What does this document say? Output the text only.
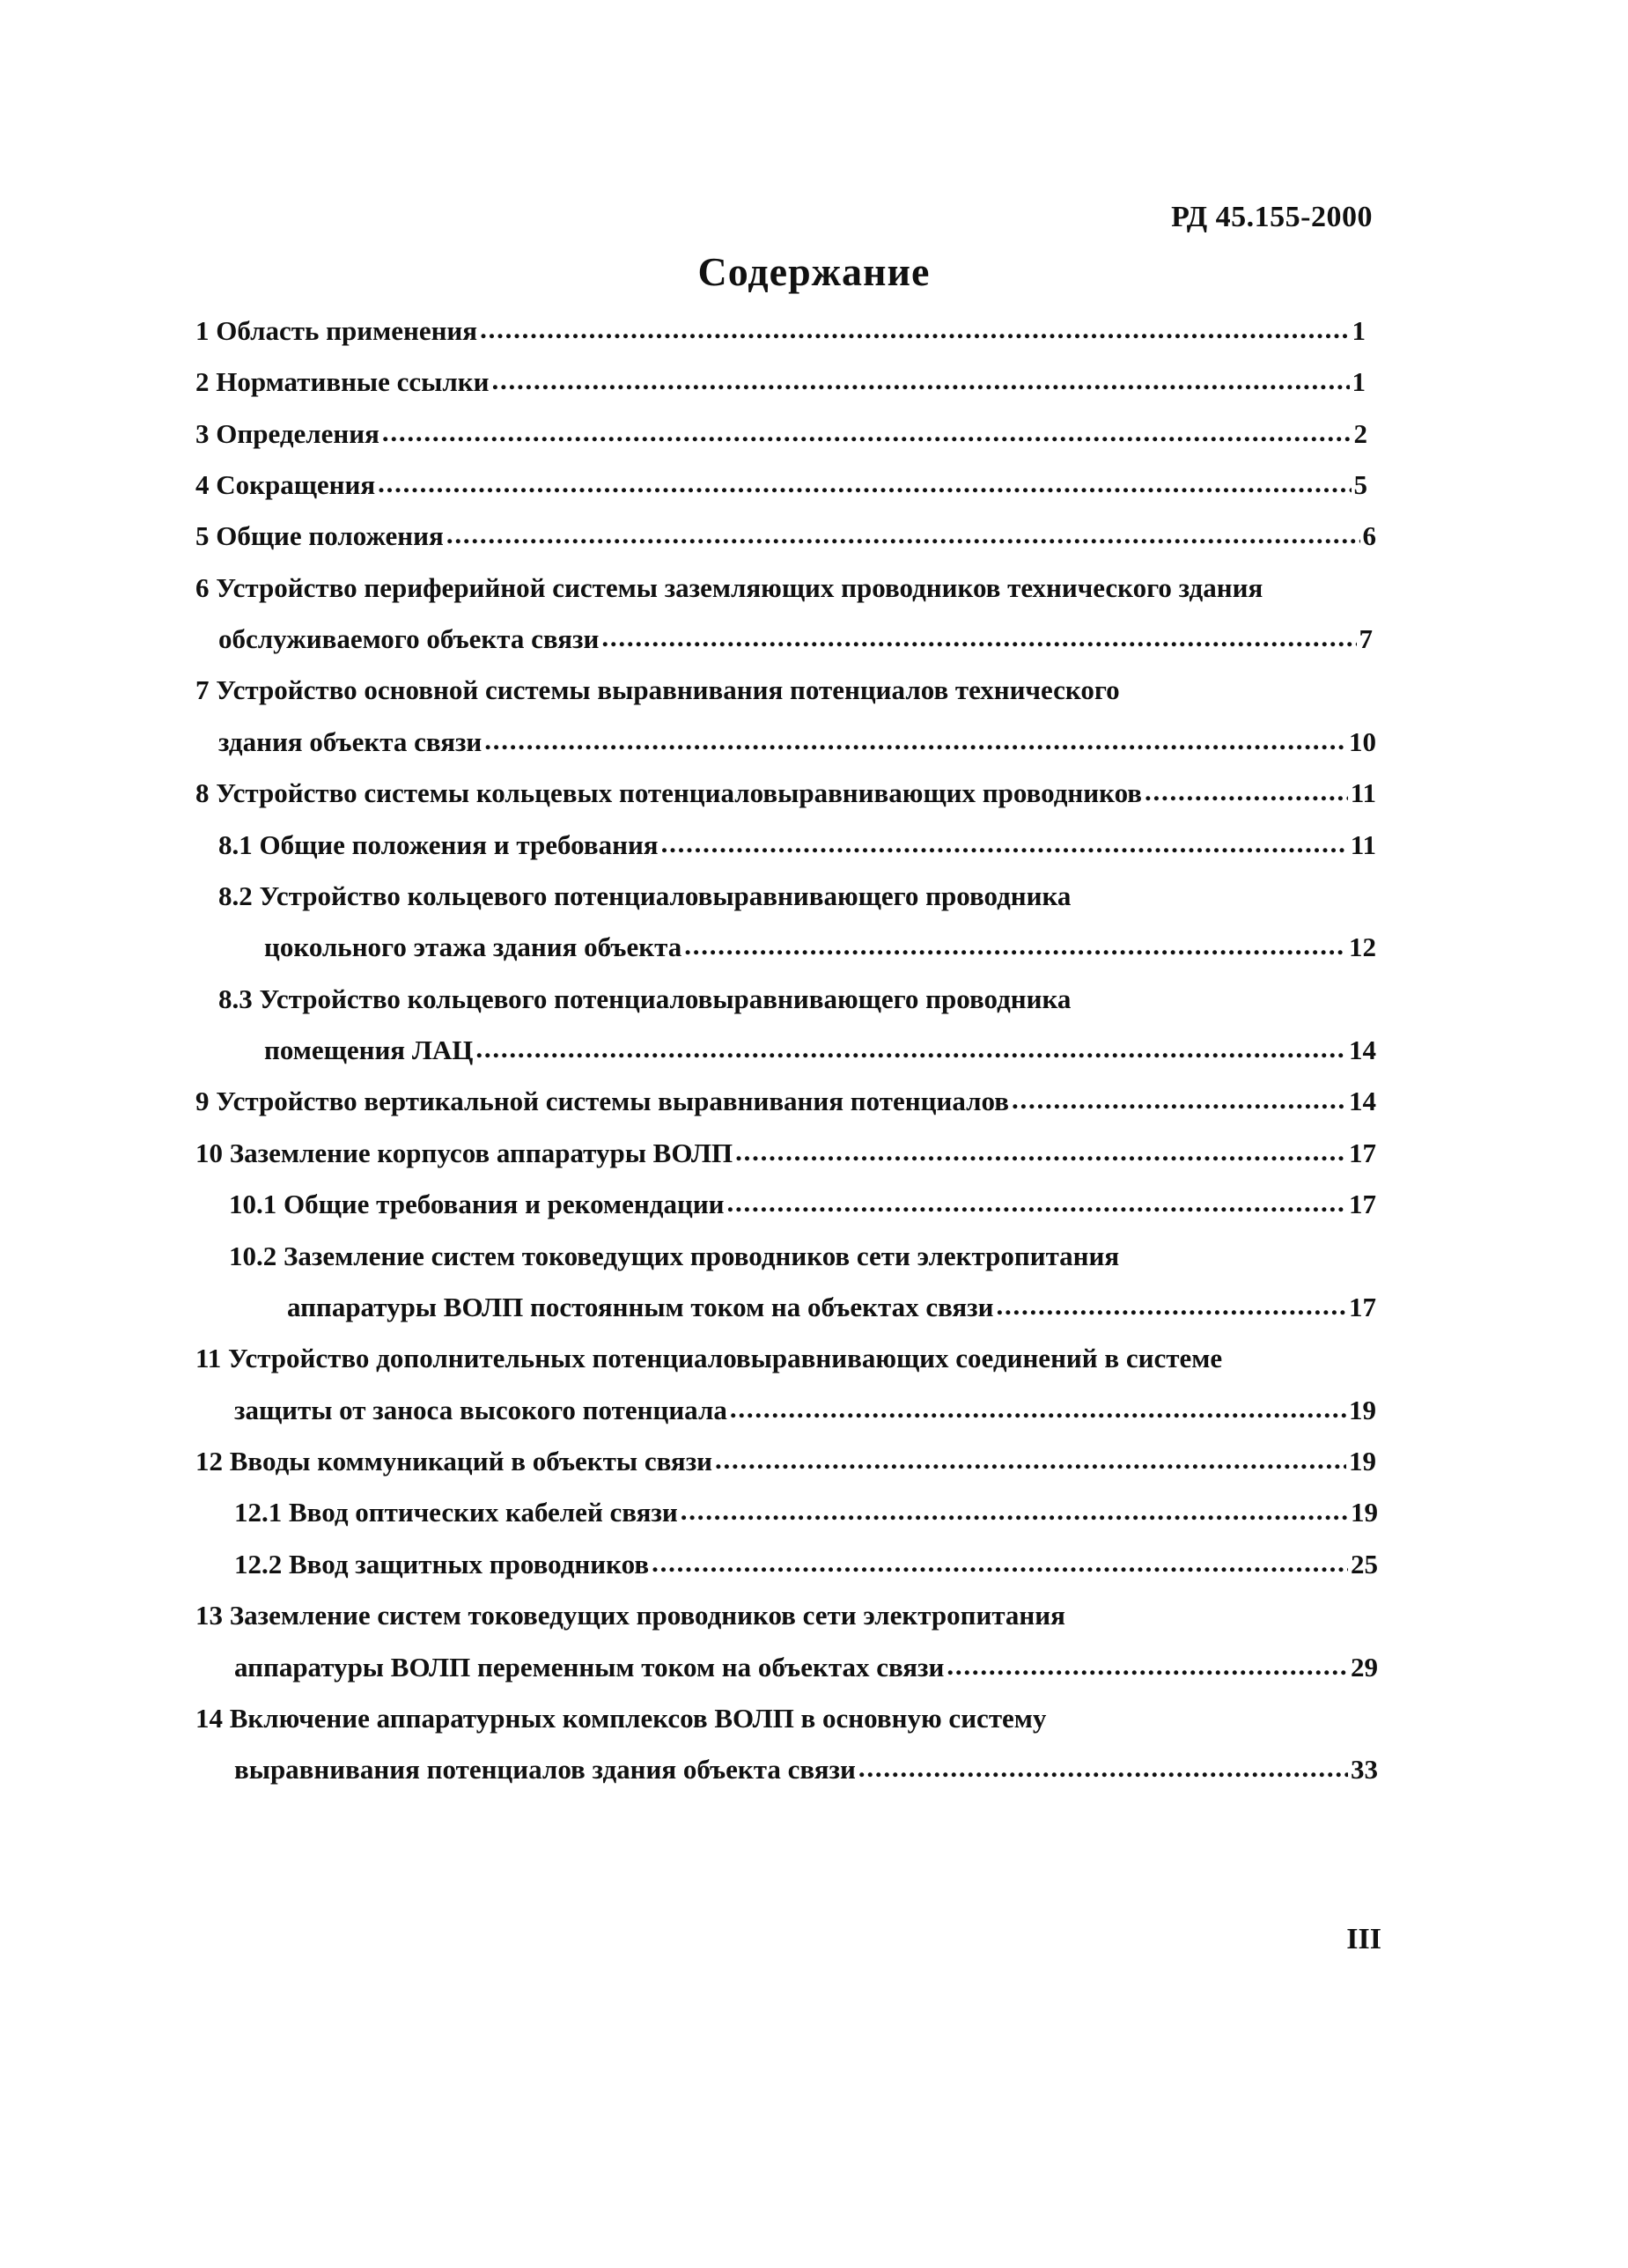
РД 45.155-2000
Содержание
1 Область применения . . .	1
2 Нормативные ссылки . . .	1
3 Определения . . .	2
4 Сокращения . . .	5
5 Общие положения . . .	6
6 Устройство периферийной системы заземляющих проводников технического здания
обслуживаемого объекта связи . . .	7
7 Устройство основной системы выравнивания потенциалов технического
здания объекта связи . . .	10
8 Устройство системы кольцевых потенциаловыравнивающих проводников . . .	11
8.1 Общие положения и требования . . .	11
8.2 Устройство кольцевого потенциаловыравнивающего проводника
цокольного этажа здания объекта . . .	12
8.3 Устройство кольцевого потенциаловыравнивающего проводника
помещения ЛАЦ . . .	14
9 Устройство вертикальной системы выравнивания потенциалов . . .	14
10 Заземление корпусов аппаратуры ВОЛП . . .	17
10.1 Общие требования и рекомендации . . .	17
10.2 Заземление систем токоведущих проводников сети электропитания
аппаратуры ВОЛП постоянным током на объектах связи . . .	17
11 Устройство дополнительных потенциаловыравнивающих соединений в системе
защиты от заноса высокого потенциала . . .	19
12 Вводы коммуникаций в объекты связи . . .	19
12.1 Ввод оптических кабелей связи . . .	19
12.2 Ввод защитных проводников . . .	25
13 Заземление систем токоведущих проводников сети электропитания
аппаратуры ВОЛП переменным током на объектах связи . . .	29
14 Включение аппаратурных комплексов ВОЛП в основную систему
выравнивания потенциалов здания объекта связи . . .	33
III
